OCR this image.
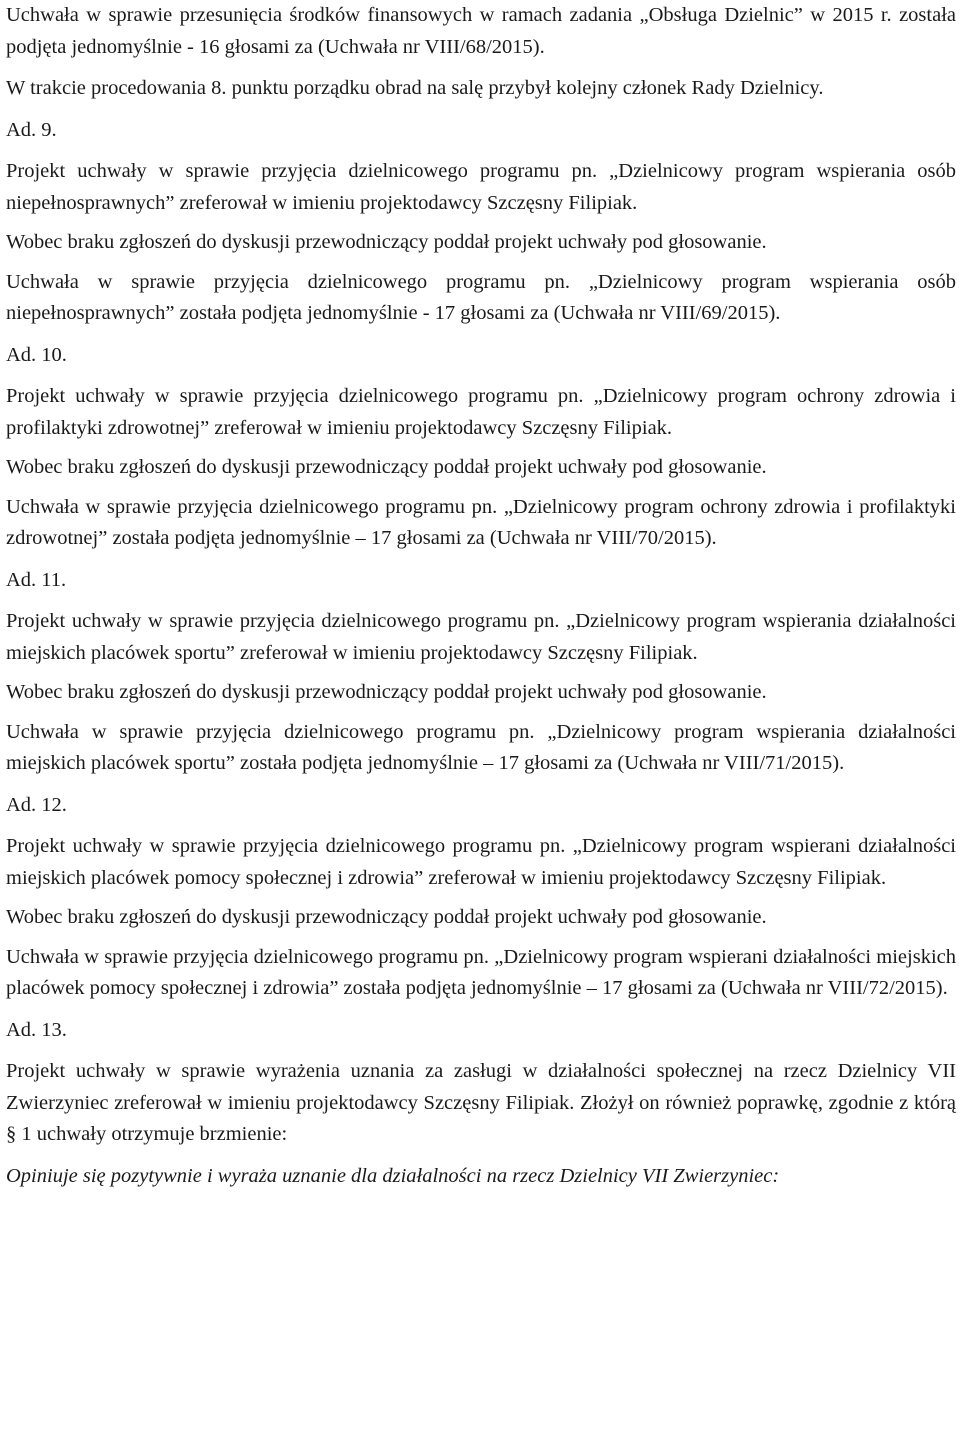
Uchwała w sprawie przesunięcia środków finansowych w ramach zadania „Obsługa Dzielnic” w 2015 r. została podjęta jednomyślnie - 16 głosami za (Uchwała nr VIII/68/2015).

W trakcie procedowania 8. punktu porządku obrad na salę przybył kolejny członek Rady Dzielnicy.

Ad. 9.

Projekt uchwały w sprawie przyjęcia dzielnicowego programu pn. „Dzielnicowy program wspierania osób niepełnosprawnych” zreferował w imieniu projektodawcy Szczęsny Filipiak.

Wobec braku zgłoszeń do dyskusji przewodniczący poddał projekt uchwały pod głosowanie.

Uchwała w sprawie przyjęcia dzielnicowego programu pn. „Dzielnicowy program wspierania osób niepełnosprawnych” została podjęta jednomyślnie - 17 głosami za (Uchwała nr VIII/69/2015).

Ad. 10.

Projekt uchwały w sprawie przyjęcia dzielnicowego programu pn. „Dzielnicowy program ochrony zdrowia i profilaktyki zdrowotnej” zreferował w imieniu projektodawcy Szczęsny Filipiak.

Wobec braku zgłoszeń do dyskusji przewodniczący poddał projekt uchwały pod głosowanie.

Uchwała w sprawie przyjęcia dzielnicowego programu pn. „Dzielnicowy program ochrony zdrowia i profilaktyki zdrowotnej” została podjęta jednomyślnie – 17 głosami za (Uchwała nr VIII/70/2015).

Ad. 11.

Projekt uchwały w sprawie przyjęcia dzielnicowego programu pn. „Dzielnicowy program wspierania działalności miejskich placówek sportu” zreferował w imieniu projektodawcy Szczęsny Filipiak.

Wobec braku zgłoszeń do dyskusji przewodniczący poddał projekt uchwały pod głosowanie.

Uchwała w sprawie przyjęcia dzielnicowego programu pn. „Dzielnicowy program wspierania działalności miejskich placówek sportu” została podjęta jednomyślnie – 17 głosami za (Uchwała nr VIII/71/2015).

Ad. 12.

Projekt uchwały w sprawie przyjęcia dzielnicowego programu pn. „Dzielnicowy program wspierani działalności miejskich placówek pomocy społecznej i zdrowia” zreferował w imieniu projektodawcy Szczęsny Filipiak.

Wobec braku zgłoszeń do dyskusji przewodniczący poddał projekt uchwały pod głosowanie.

Uchwała w sprawie przyjęcia dzielnicowego programu pn. „Dzielnicowy program wspierani działalności miejskich placówek pomocy społecznej i zdrowia” została podjęta jednomyślnie – 17 głosami za (Uchwała nr VIII/72/2015).

Ad. 13.

Projekt uchwały w sprawie wyrażenia uznania za zasługi w działalności społecznej na rzecz Dzielnicy VII Zwierzyniec zreferował w imieniu projektodawcy Szczęsny Filipiak. Złożył on również poprawkę, zgodnie z którą § 1 uchwały otrzymuje brzmienie:

Opiniuje się pozytywnie i wyraża uznanie dla działalności na rzecz Dzielnicy VII Zwierzyniec:
